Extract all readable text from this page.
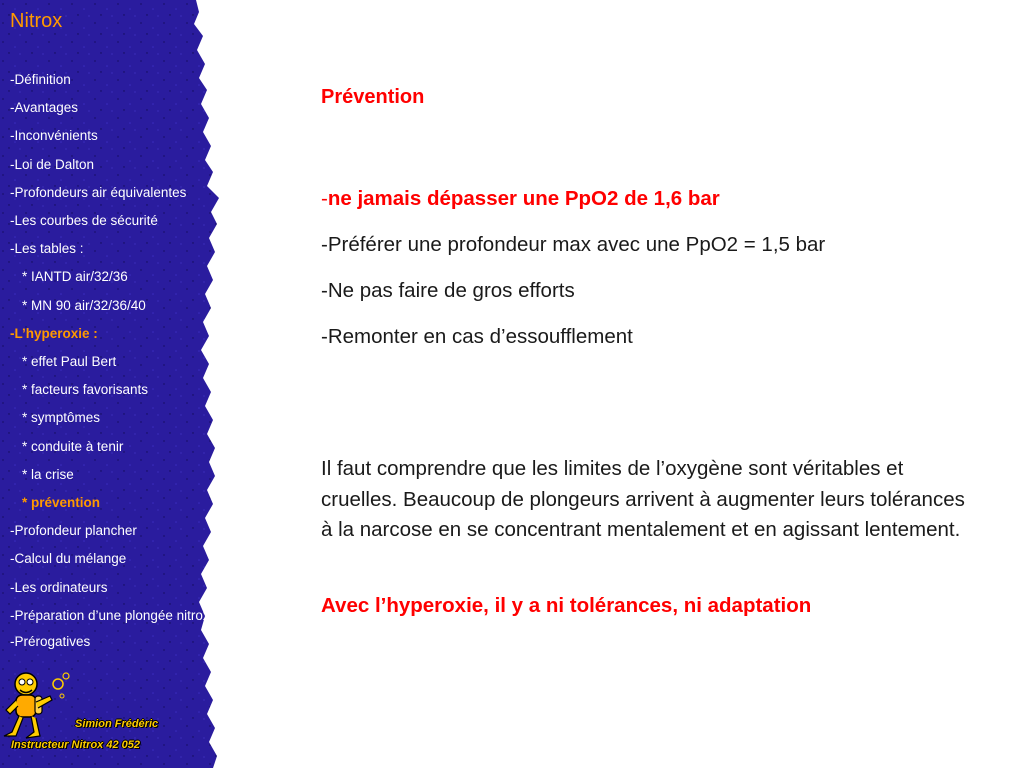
Nitrox
-Définition
-Avantages
-Inconvénients
-Loi de Dalton
-Profondeurs air équivalentes
-Les courbes de sécurité
-Les tables :
* IANTD air/32/36
* MN 90 air/32/36/40
-L’hyperoxie :
* effet Paul Bert
* facteurs favorisants
* symptômes
* conduite à tenir
* la crise
* prévention
-Profondeur plancher
-Calcul du mélange
-Les ordinateurs
-Préparation d’une plongée nitrox
-Prérogatives
Simion Frédéric
Instructeur Nitrox 42 052
Prévention
-ne jamais dépasser une PpO2 de 1,6 bar
-Préférer une profondeur max avec une PpO2 = 1,5 bar
-Ne pas faire de gros efforts
-Remonter en cas d’essoufflement

Il faut comprendre que les limites de l’oxygène sont véritables et cruelles. Beaucoup de plongeurs arrivent à augmenter leurs tolérances à la narcose en se concentrant mentalement et en agissant lentement.

Avec l’hyperoxie, il y a ni tolérances, ni adaptation
